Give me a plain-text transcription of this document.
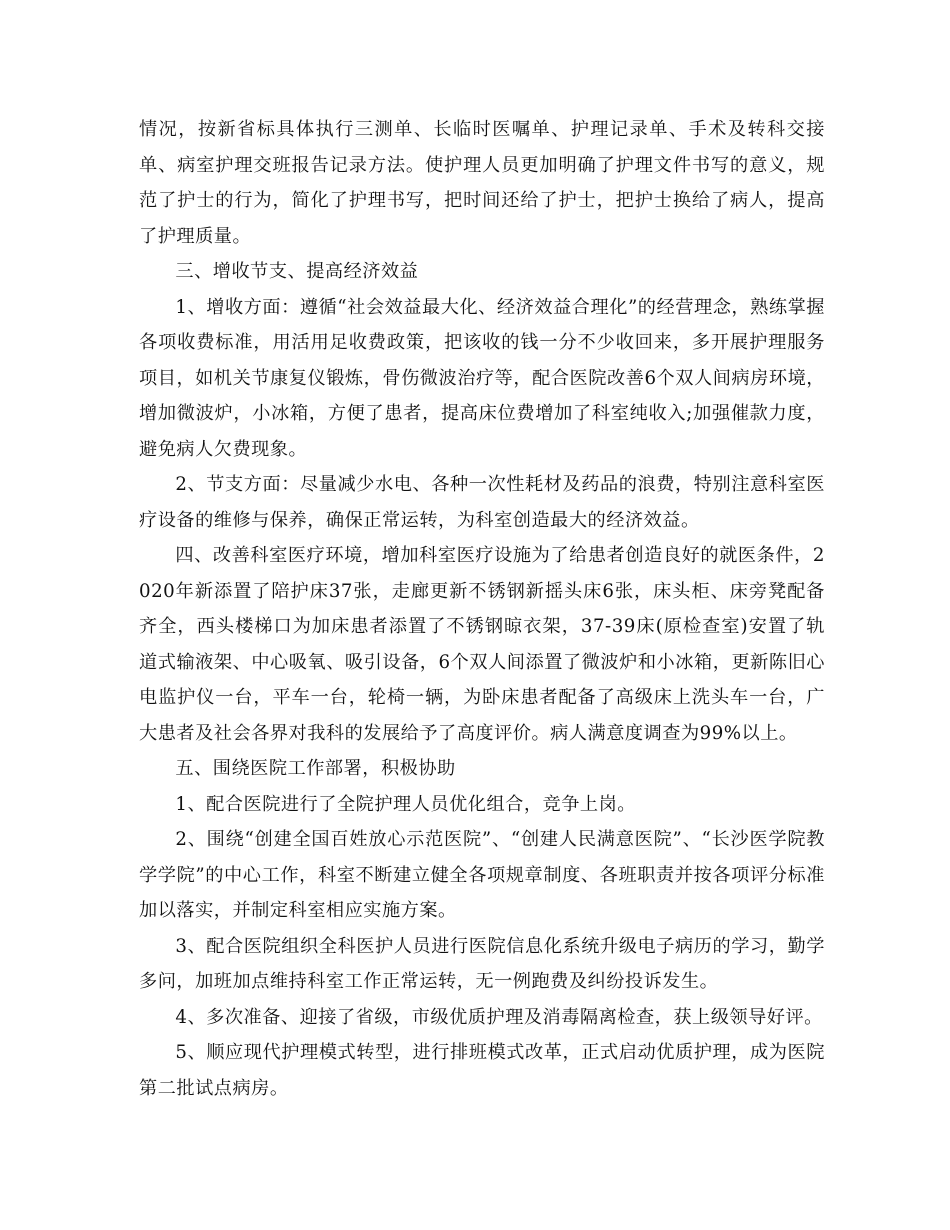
情况，按新省标具体执行三测单、长临时医嘱单、护理记录单、手术及转科交接单、病室护理交班报告记录方法。使护理人员更加明确了护理文件书写的意义，规范了护士的行为，简化了护理书写，把时间还给了护士，把护士换给了病人，提高了护理质量。

三、增收节支、提高经济效益

1、增收方面：遵循“社会效益最大化、经济效益合理化”的经营理念，熟练掌握各项收费标准，用活用足收费政策，把该收的钱一分不少收回来，多开展护理服务项目，如机关节康复仪锻炼，骨伤微波治疗等，配合医院改善6个双人间病房环境，增加微波炉，小冰箱，方便了患者，提高床位费增加了科室纯收入;加强催款力度，避免病人欠费现象。

2、节支方面：尽量减少水电、各种一次性耗材及药品的浪费，特别注意科室医疗设备的维修与保养，确保正常运转，为科室创造最大的经济效益。

四、改善科室医疗环境，增加科室医疗设施为了给患者创造良好的就医条件，2020年新添置了陪护床37张，走廊更新不锈钢新摇头床6张，床头柜、床旁凳配备齐全，西头楼梯口为加床患者添置了不锈钢晾衣架，37-39床(原检查室)安置了轨道式输液架、中心吸氧、吸引设备，6个双人间添置了微波炉和小冰箱，更新陈旧心电监护仪一台，平车一台，轮椅一辆，为卧床患者配备了高级床上洗头车一台，广大患者及社会各界对我科的发展给予了高度评价。病人满意度调查为99%以上。

五、围绕医院工作部署，积极协助

1、配合医院进行了全院护理人员优化组合，竞争上岗。

2、围绕“创建全国百姓放心示范医院”、“创建人民满意医院”、“长沙医学院教学学院”的中心工作，科室不断建立健全各项规章制度、各班职责并按各项评分标准加以落实，并制定科室相应实施方案。

3、配合医院组织全科医护人员进行医院信息化系统升级电子病历的学习，勤学多问，加班加点维持科室工作正常运转，无一例跑费及纠纷投诉发生。

4、多次准备、迎接了省级，市级优质护理及消毒隔离检查，获上级领导好评。

5、顺应现代护理模式转型，进行排班模式改革，正式启动优质护理，成为医院第二批试点病房。
